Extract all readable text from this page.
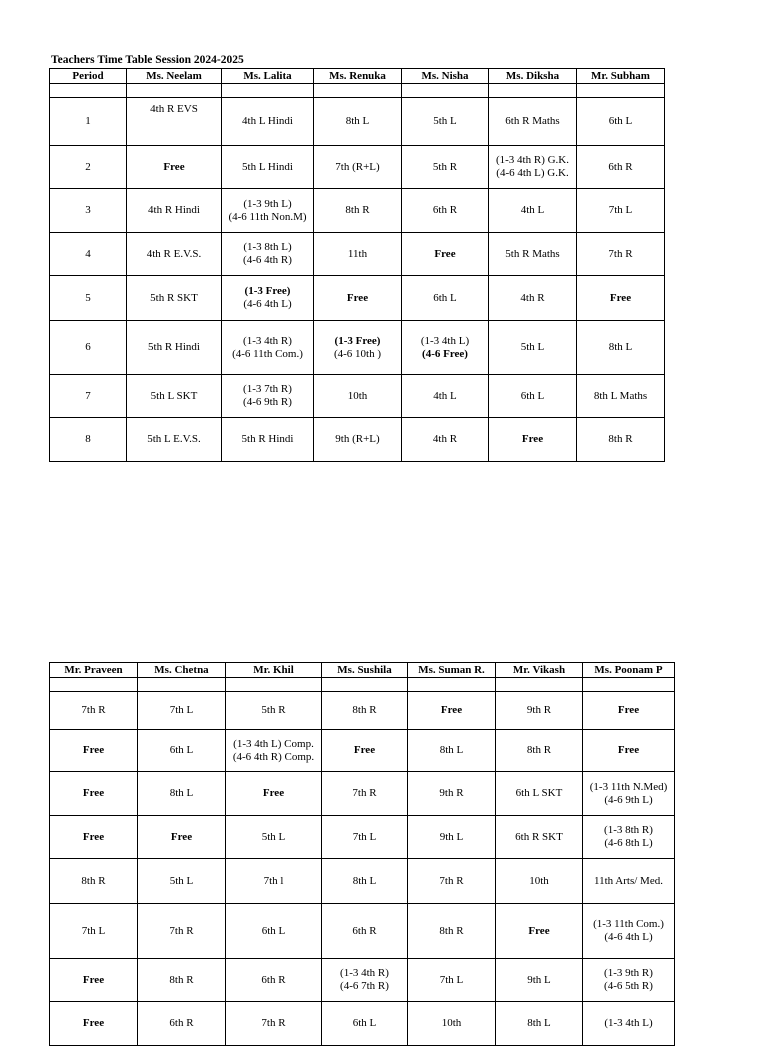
Teachers Time Table Session 2024-2025
Period	Ms. Neelam	Ms. Lalita	Ms. Renuka	Ms. Nisha	Ms. Diksha	Mr. Subham

1	4th R EVS	4th L Hindi	8th L	5th L	6th R Maths	6th L

2	Free	5th L Hindi	7th (R+L)	5th R	(1-3 4th R) G.K.
(4-6 4th L) G.K.	6th R

3	4th R Hindi	(1-3 9th L)
(4-6 11th Non.M)	8th R	6th R	4th L	7th L

4	4th R E.V.S.	(1-3 8th L)
(4-6 4th R)	11th	Free	5th R Maths	7th R

5	5th R SKT	(1-3 Free)
(4-6 4th L)	Free	6th L	4th R	Free

6	5th R Hindi	(1-3 4th R)
(4-6 11th Com.)	(1-3 Free)
(4-6 10th )	(1-3 4th L)
(4-6 Free)	5th L	8th L

7	5th L SKT	(1-3 7th R)
(4-6 9th R)	10th	4th L	6th L	8th L Maths

8	5th L E.V.S.	5th R Hindi	9th (R+L)	4th R	Free	8th R
Mr. Praveen	Ms. Chetna	Mr. Khil	Ms. Sushila	Ms. Suman R.	Mr. Vikash	Ms. Poonam P

7th R	7th L	5th R	8th R	Free	9th R	Free

Free	6th L	(1-3 4th L) Comp.
(4-6 4th R) Comp.	Free	8th L	8th R	Free

Free	8th L	Free	7th R	9th R	6th L SKT	(1-3 11th N.Med)
(4-6 9th L)

Free	Free	5th L	7th L	9th L	6th R SKT	(1-3 8th R)
(4-6 8th L)

8th R	5th L	7th l	8th L	7th R	10th	11th Arts/ Med.

7th L	7th R	6th L	6th R	8th R	Free	(1-3 11th Com.)
(4-6 4th L)

Free	8th R	6th R	(1-3 4th R)
(4-6 7th R)	7th L	9th L	(1-3 9th R)
(4-6 5th R)

Free	6th R	7th R	6th L	10th	8th L	(1-3 4th L)
